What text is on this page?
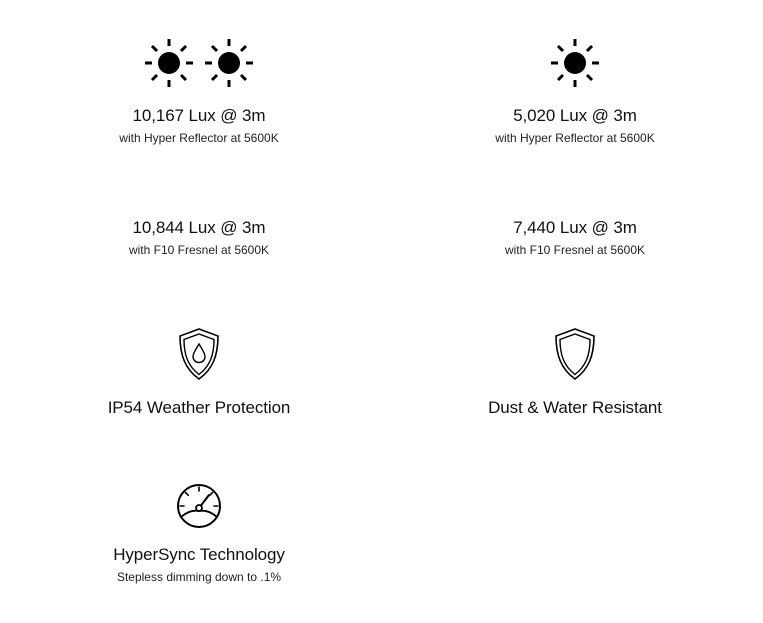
10,167 Lux @ 3m
with Hyper Reflector at 5600K
5,020 Lux @ 3m
with Hyper Reflector at 5600K
10,844 Lux @ 3m
with F10 Fresnel at 5600K
7,440 Lux @ 3m
with F10 Fresnel at 5600K
IP54 Weather Protection	Dust & Water Resistant
HyperSync Technology
Stepless dimming down to .1%
